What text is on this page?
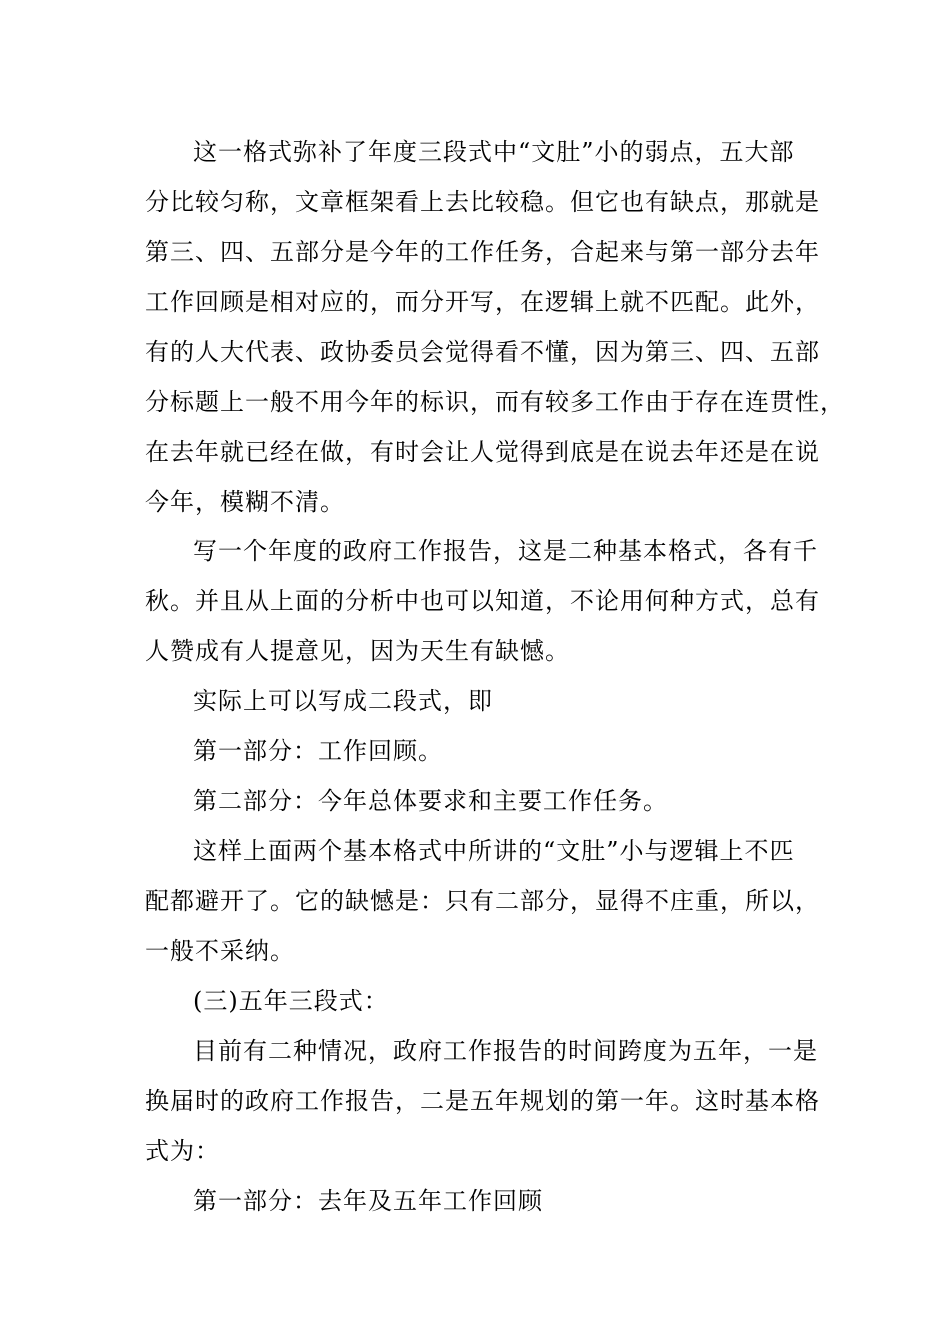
这一格式弥补了年度三段式中“文肚”小的弱点，五大部
分比较匀称，文章框架看上去比较稳。但它也有缺点，那就是
第三、四、五部分是今年的工作任务，合起来与第一部分去年
工作回顾是相对应的，而分开写，在逻辑上就不匹配。此外，
有的人大代表、政协委员会觉得看不懂，因为第三、四、五部
分标题上一般不用今年的标识，而有较多工作由于存在连贯性，
在去年就已经在做，有时会让人觉得到底是在说去年还是在说
今年，模糊不清。
写一个年度的政府工作报告，这是二种基本格式，各有千
秋。并且从上面的分析中也可以知道，不论用何种方式，总有
人赞成有人提意见，因为天生有缺憾。
实际上可以写成二段式，即
第一部分：工作回顾。
第二部分：今年总体要求和主要工作任务。
这样上面两个基本格式中所讲的“文肚”小与逻辑上不匹
配都避开了。它的缺憾是：只有二部分，显得不庄重，所以，
一般不采纳。
(三)五年三段式：
目前有二种情况，政府工作报告的时间跨度为五年，一是
换届时的政府工作报告，二是五年规划的第一年。这时基本格
式为：
第一部分：去年及五年工作回顾
